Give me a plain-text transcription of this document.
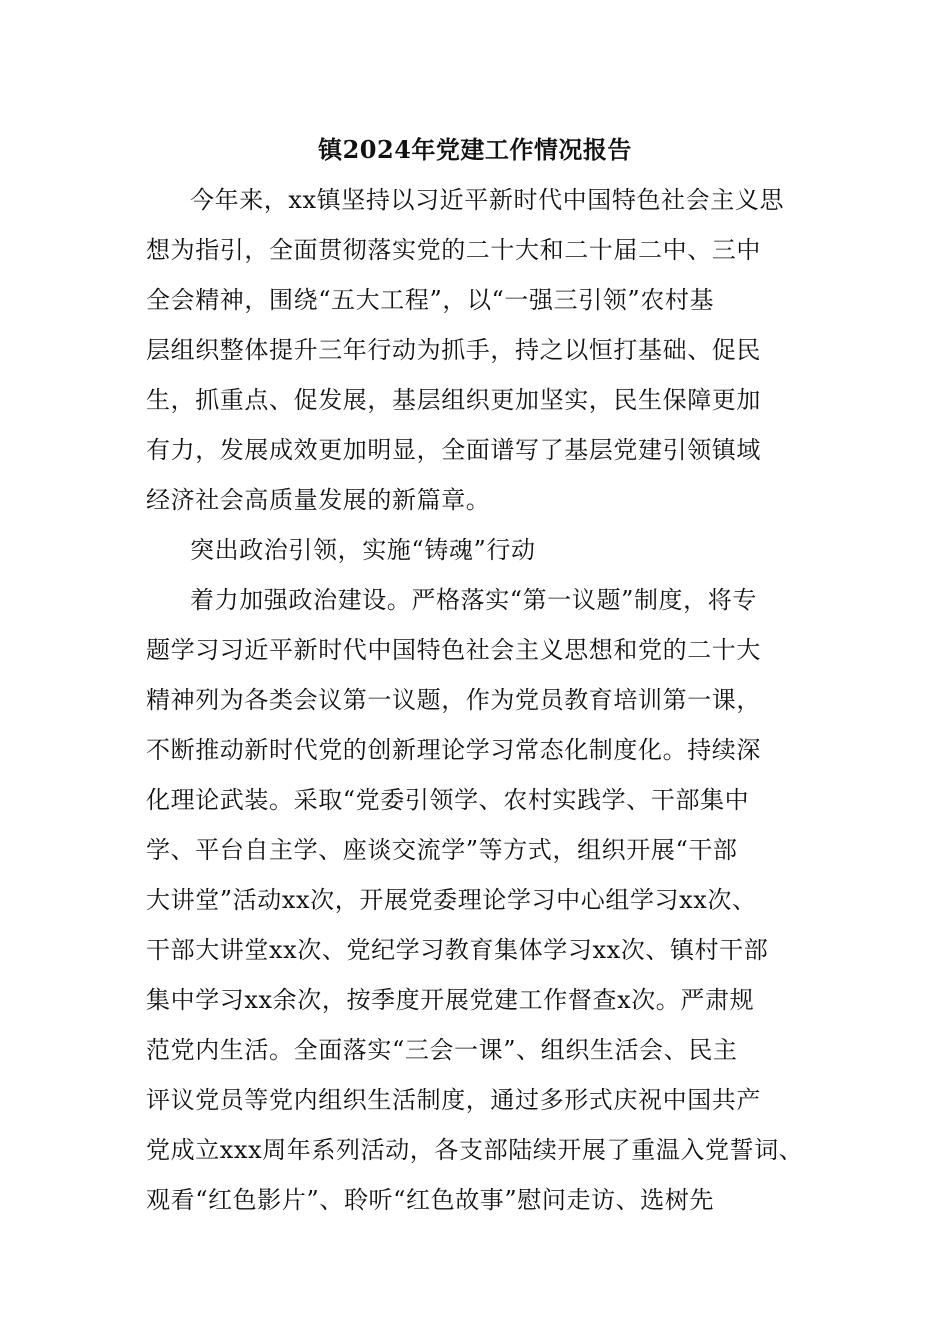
镇2024年党建工作情况报告
今年来，xx镇坚持以习近平新时代中国特色社会主义思
想为指引，全面贯彻落实党的二十大和二十届二中、三中
全会精神，围绕“五大工程”，以“一强三引领”农村基
层组织整体提升三年行动为抓手，持之以恒打基础、促民
生，抓重点、促发展，基层组织更加坚实，民生保障更加
有力，发展成效更加明显，全面谱写了基层党建引领镇域
经济社会高质量发展的新篇章。
突出政治引领，实施“铸魂”行动
着力加强政治建设。严格落实“第一议题”制度，将专
题学习习近平新时代中国特色社会主义思想和党的二十大
精神列为各类会议第一议题，作为党员教育培训第一课，
不断推动新时代党的创新理论学习常态化制度化。持续深
化理论武装。采取“党委引领学、农村实践学、干部集中
学、平台自主学、座谈交流学”等方式，组织开展“干部
大讲堂”活动xx次，开展党委理论学习中心组学习xx次、
干部大讲堂xx次、党纪学习教育集体学习xx次、镇村干部
集中学习xx余次，按季度开展党建工作督查x次。严肃规
范党内生活。全面落实“三会一课”、组织生活会、民主
评议党员等党内组织生活制度，通过多形式庆祝中国共产
党成立xxx周年系列活动，各支部陆续开展了重温入党誓词、
观看“红色影片”、聆听“红色故事”慰问走访、选树先
